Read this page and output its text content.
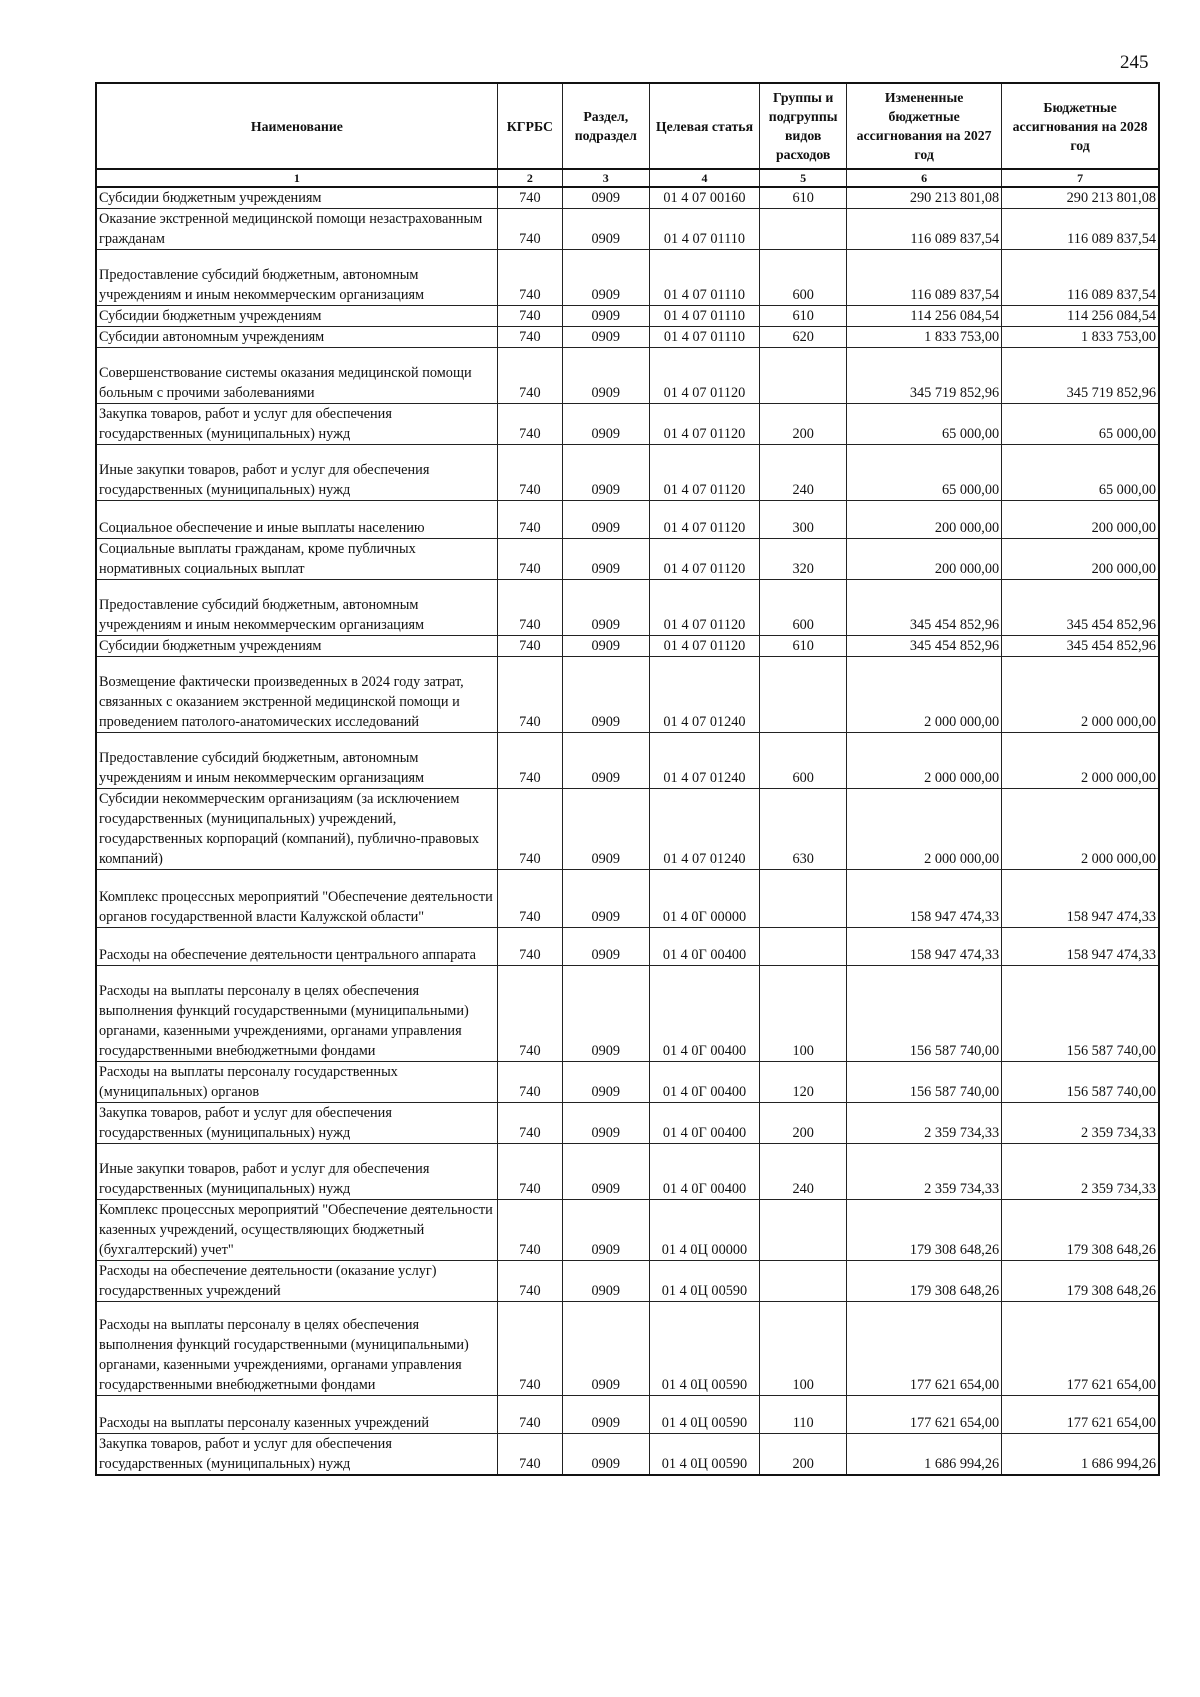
245
Наименование	КГРБС	Раздел, подраздел	Целевая статья	Группы и подгруппы видов расходов	Измененные бюджетные ассигнования на 2027 год	Бюджетные ассигнования на 2028 год
1	2	3	4	5	6	7
Субсидии бюджетным учреждениям	740	0909	01 4 07 00160	610	290 213 801,08	290 213 801,08
Оказание экстренной медицинской помощи незастрахованным гражданам	740	0909	01 4 07 01110		116 089 837,54	116 089 837,54
Предоставление субсидий бюджетным, автономным учреждениям и иным некоммерческим организациям	740	0909	01 4 07 01110	600	116 089 837,54	116 089 837,54
Субсидии бюджетным учреждениям	740	0909	01 4 07 01110	610	114 256 084,54	114 256 084,54
Субсидии автономным учреждениям	740	0909	01 4 07 01110	620	1 833 753,00	1 833 753,00
Совершенствование системы оказания медицинской помощи больным с прочими заболеваниями	740	0909	01 4 07 01120		345 719 852,96	345 719 852,96
Закупка товаров, работ и услуг для обеспечения государственных (муниципальных) нужд	740	0909	01 4 07 01120	200	65 000,00	65 000,00
Иные закупки товаров, работ и услуг для обеспечения государственных (муниципальных) нужд	740	0909	01 4 07 01120	240	65 000,00	65 000,00
Социальное обеспечение и иные выплаты населению	740	0909	01 4 07 01120	300	200 000,00	200 000,00
Социальные выплаты гражданам, кроме публичных нормативных социальных выплат	740	0909	01 4 07 01120	320	200 000,00	200 000,00
Предоставление субсидий бюджетным, автономным учреждениям и иным некоммерческим организациям	740	0909	01 4 07 01120	600	345 454 852,96	345 454 852,96
Субсидии бюджетным учреждениям	740	0909	01 4 07 01120	610	345 454 852,96	345 454 852,96
Возмещение фактически произведенных в 2024 году затрат, связанных с оказанием экстренной медицинской помощи и проведением патолого-анатомических исследований	740	0909	01 4 07 01240		2 000 000,00	2 000 000,00
Предоставление субсидий бюджетным, автономным учреждениям и иным некоммерческим организациям	740	0909	01 4 07 01240	600	2 000 000,00	2 000 000,00
Субсидии некоммерческим организациям (за исключением государственных (муниципальных) учреждений, государственных корпораций (компаний), публично-правовых компаний)	740	0909	01 4 07 01240	630	2 000 000,00	2 000 000,00
Комплекс процессных мероприятий "Обеспечение деятельности органов государственной власти Калужской области"	740	0909	01 4 0Г 00000		158 947 474,33	158 947 474,33
Расходы на обеспечение деятельности центрального аппарата	740	0909	01 4 0Г 00400		158 947 474,33	158 947 474,33
Расходы на выплаты персоналу в целях обеспечения выполнения функций государственными (муниципальными) органами, казенными учреждениями, органами управления государственными внебюджетными фондами	740	0909	01 4 0Г 00400	100	156 587 740,00	156 587 740,00
Расходы на выплаты персоналу государственных (муниципальных) органов	740	0909	01 4 0Г 00400	120	156 587 740,00	156 587 740,00
Закупка товаров, работ и услуг для обеспечения государственных (муниципальных) нужд	740	0909	01 4 0Г 00400	200	2 359 734,33	2 359 734,33
Иные закупки товаров, работ и услуг для обеспечения государственных (муниципальных) нужд	740	0909	01 4 0Г 00400	240	2 359 734,33	2 359 734,33
Комплекс процессных мероприятий "Обеспечение деятельности казенных учреждений, осуществляющих бюджетный (бухгалтерский) учет"	740	0909	01 4 0Ц 00000		179 308 648,26	179 308 648,26
Расходы на обеспечение деятельности (оказание услуг) государственных учреждений	740	0909	01 4 0Ц 00590		179 308 648,26	179 308 648,26
Расходы на выплаты персоналу в целях обеспечения выполнения функций государственными (муниципальными) органами, казенными учреждениями, органами управления государственными внебюджетными фондами	740	0909	01 4 0Ц 00590	100	177 621 654,00	177 621 654,00
Расходы на выплаты персоналу казенных учреждений	740	0909	01 4 0Ц 00590	110	177 621 654,00	177 621 654,00
Закупка товаров, работ и услуг для обеспечения государственных (муниципальных) нужд	740	0909	01 4 0Ц 00590	200	1 686 994,26	1 686 994,26
